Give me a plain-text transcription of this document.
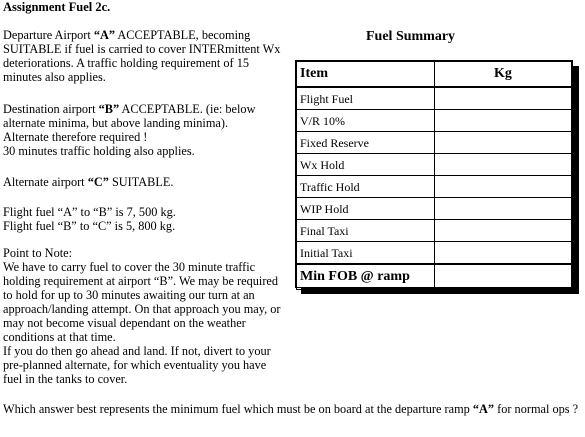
Assignment Fuel 2c.

Departure Airport “A” ACCEPTABLE, becoming SUITABLE if fuel is carried to cover INTERmittent Wx deteriorations. A traffic holding requirement of 15 minutes also applies.

Destination airport “B” ACCEPTABLE. (ie: below alternate minima, but above landing minima).

Alternate therefore required !

30 minutes traffic holding also applies.

Alternate airport “C” SUITABLE.

Flight fuel “A” to “B” is 7, 500 kg.

Flight fuel “B” to “C” is 5, 800 kg.

Point to Note:

We have to carry fuel to cover the 30 minute traffic holding requirement at airport “B”. We may be required to hold for up to 30 minutes awaiting our turn at an approach/landing attempt. On that approach you may, or may not become visual dependant on the weather conditions at that time.

If you do then go ahead and land. If not, divert to your pre-planned alternate, for which eventuality you have fuel in the tanks to cover.

Fuel Summary
Item	Kg
Flight Fuel	
V/R 10%	
Fixed Reserve	
Wx Hold	
Traffic Hold	
WIP Hold	
Final Taxi	
Initial Taxi	
Min FOB @ ramp	
Which answer best represents the minimum fuel which must be on board at the departure ramp “A” for normal ops ?
